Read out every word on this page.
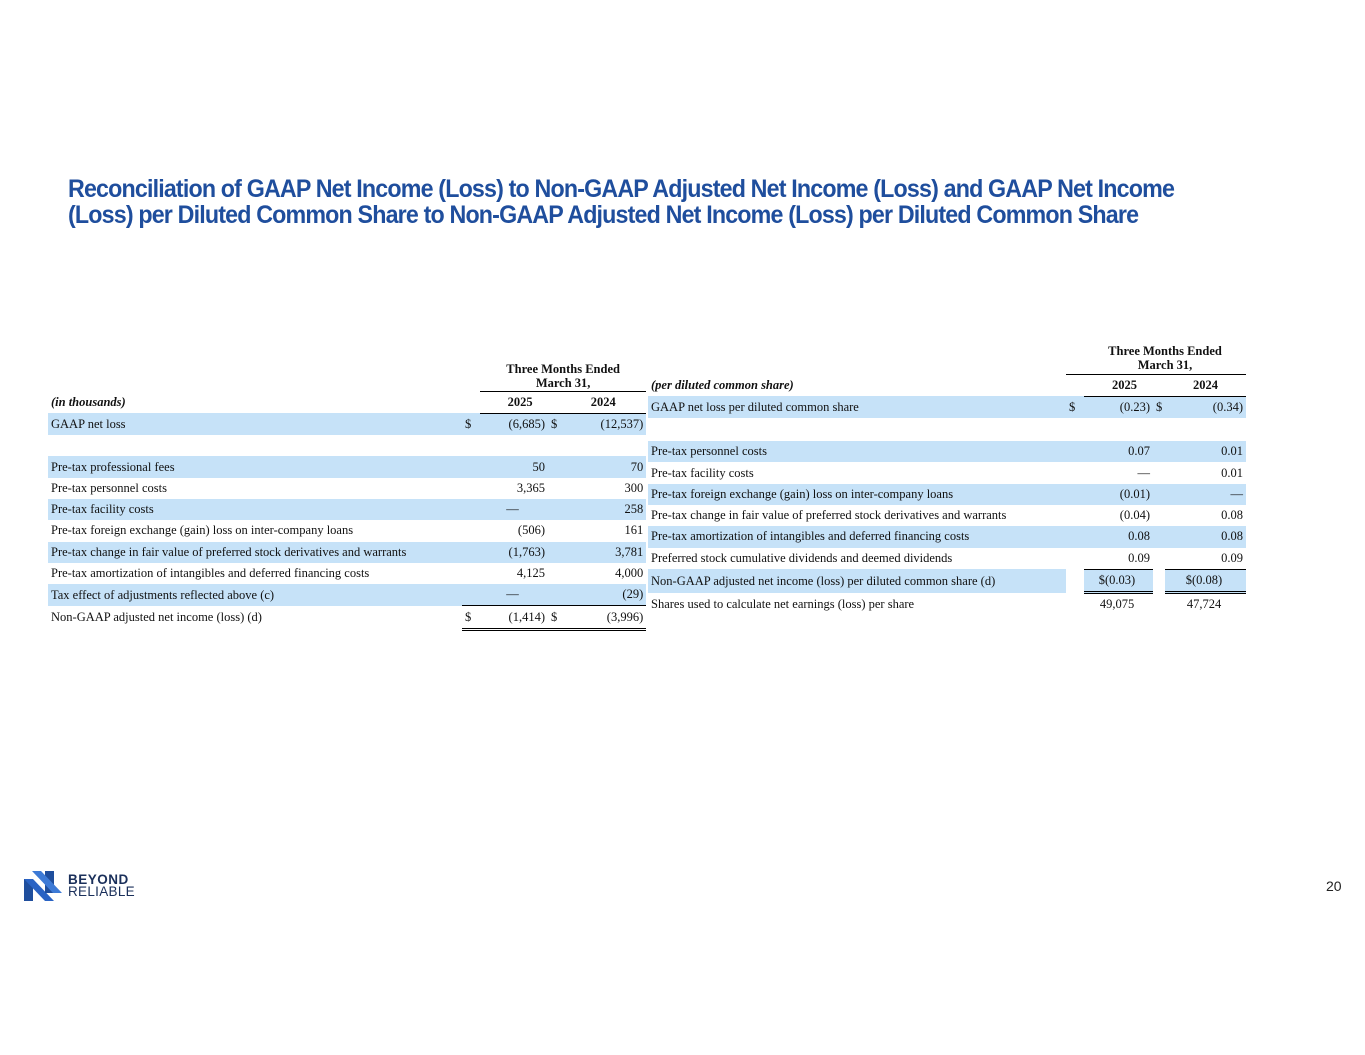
Reconciliation of GAAP Net Income (Loss) to Non-GAAP Adjusted Net Income (Loss) and GAAP Net Income
(Loss) per Diluted Common Share to Non-GAAP Adjusted Net Income (Loss) per Diluted Common Share

		Three Months Ended
March 31,		

(in thousands)		2025		2024
GAAP net loss	$	(6,685)	$	(12,537)

Pre-tax professional fees		50		70
Pre-tax personnel costs		3,365		300
Pre-tax facility costs		—		258
Pre-tax foreign exchange (gain) loss on inter-company loans		(506)		161
Pre-tax change in fair value of preferred stock derivatives and warrants		(1,763)		3,781
Pre-tax amortization of intangibles and deferred financing costs		4,125		4,000
Tax effect of adjustments reflected above (c)		—		(29)
Non-GAAP adjusted net income (loss) (d)	$	(1,414)	$	(3,996)

	Three Months Ended
March 31,				

(per diluted common share)		2025		2024	
GAAP net loss per diluted common share	$	(0.23)	$		(0.34)

Pre-tax personnel costs		0.07			0.01
Pre-tax facility costs		—			0.01
Pre-tax foreign exchange (gain) loss on inter-company loans		(0.01)			—
Pre-tax change in fair value of preferred stock derivatives and warrants		(0.04)			0.08
Pre-tax amortization of intangibles and deferred financing costs		0.08			0.08
Preferred stock cumulative dividends and deemed dividends		0.09			0.09
Non-GAAP adjusted net income (loss) per diluted common share (d)		$(0.03)		$(0.08)	
Shares used to calculate net earnings (loss) per share		49,075		47,724	
BEYOND
RELIABLE	20
